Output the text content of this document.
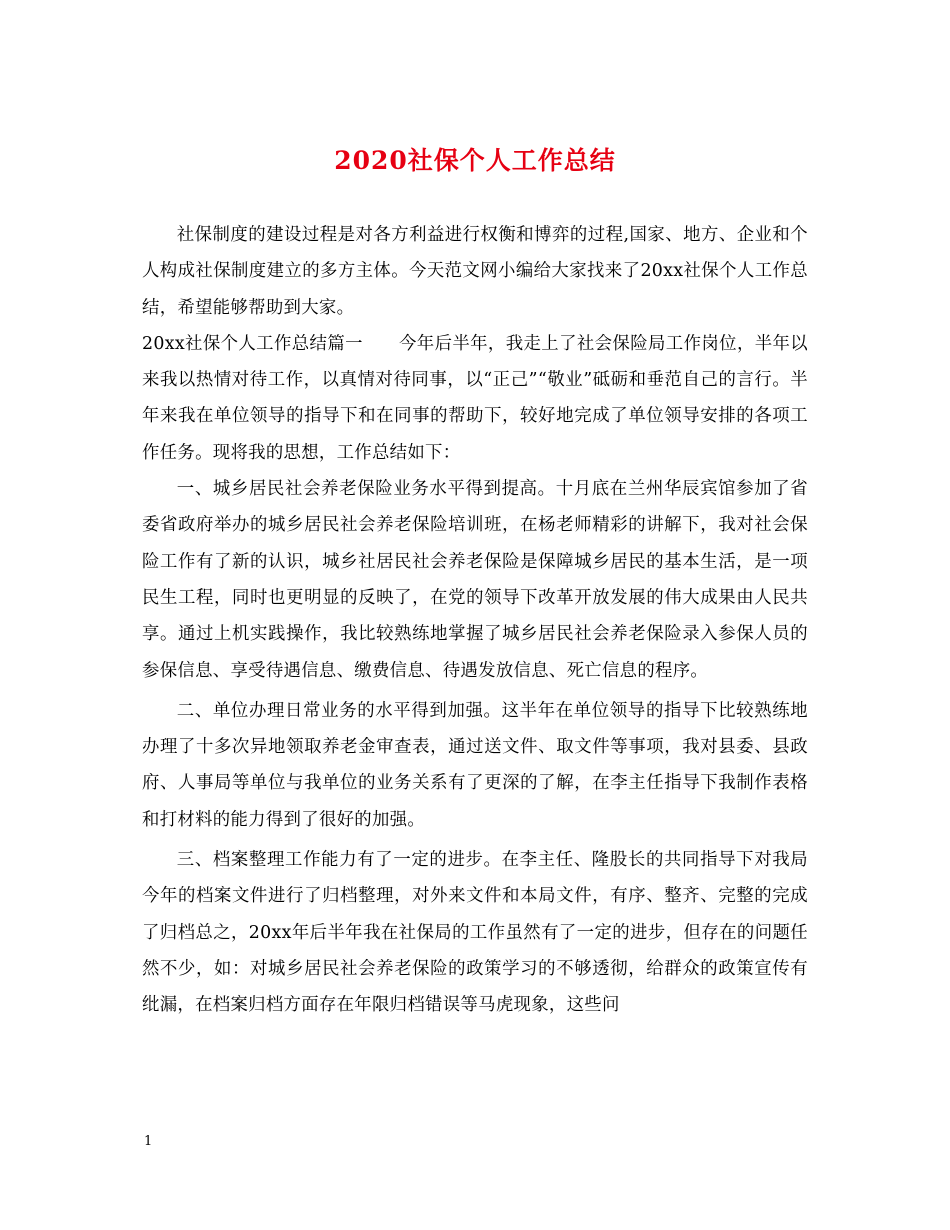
2020社保个人工作总结

社保制度的建设过程是对各方利益进行权衡和博弈的过程,国家、地方、企业和个人构成社保制度建立的多方主体。今天范文网小编给大家找来了20xx社保个人工作总结，希望能够帮助到大家。

20xx社保个人工作总结篇一 今年后半年，我走上了社会保险局工作岗位，半年以来我以热情对待工作，以真情对待同事，以“正己”“敬业”砥砺和垂范自己的言行。半年来我在单位领导的指导下和在同事的帮助下，较好地完成了单位领导安排的各项工作任务。现将我的思想，工作总结如下：

一、城乡居民社会养老保险业务水平得到提高。十月底在兰州华辰宾馆参加了省委省政府举办的城乡居民社会养老保险培训班，在杨老师精彩的讲解下，我对社会保险工作有了新的认识，城乡社居民社会养老保险是保障城乡居民的基本生活，是一项民生工程，同时也更明显的反映了，在党的领导下改革开放发展的伟大成果由人民共享。通过上机实践操作，我比较熟练地掌握了城乡居民社会养老保险录入参保人员的参保信息、享受待遇信息、缴费信息、待遇发放信息、死亡信息的程序。

二、单位办理日常业务的水平得到加强。这半年在单位领导的指导下比较熟练地办理了十多次异地领取养老金审查表，通过送文件、取文件等事项，我对县委、县政府、人事局等单位与我单位的业务关系有了更深的了解，在李主任指导下我制作表格和打材料的能力得到了很好的加强。

三、档案整理工作能力有了一定的进步。在李主任、隆股长的共同指导下对我局今年的档案文件进行了归档整理，对外来文件和本局文件，有序、整齐、完整的完成了归档总之，20xx年后半年我在社保局的工作虽然有了一定的进步，但存在的问题任然不少，如：对城乡居民社会养老保险的政策学习的不够透彻，给群众的政策宣传有纰漏，在档案归档方面存在年限归档错误等马虎现象，这些问

1
